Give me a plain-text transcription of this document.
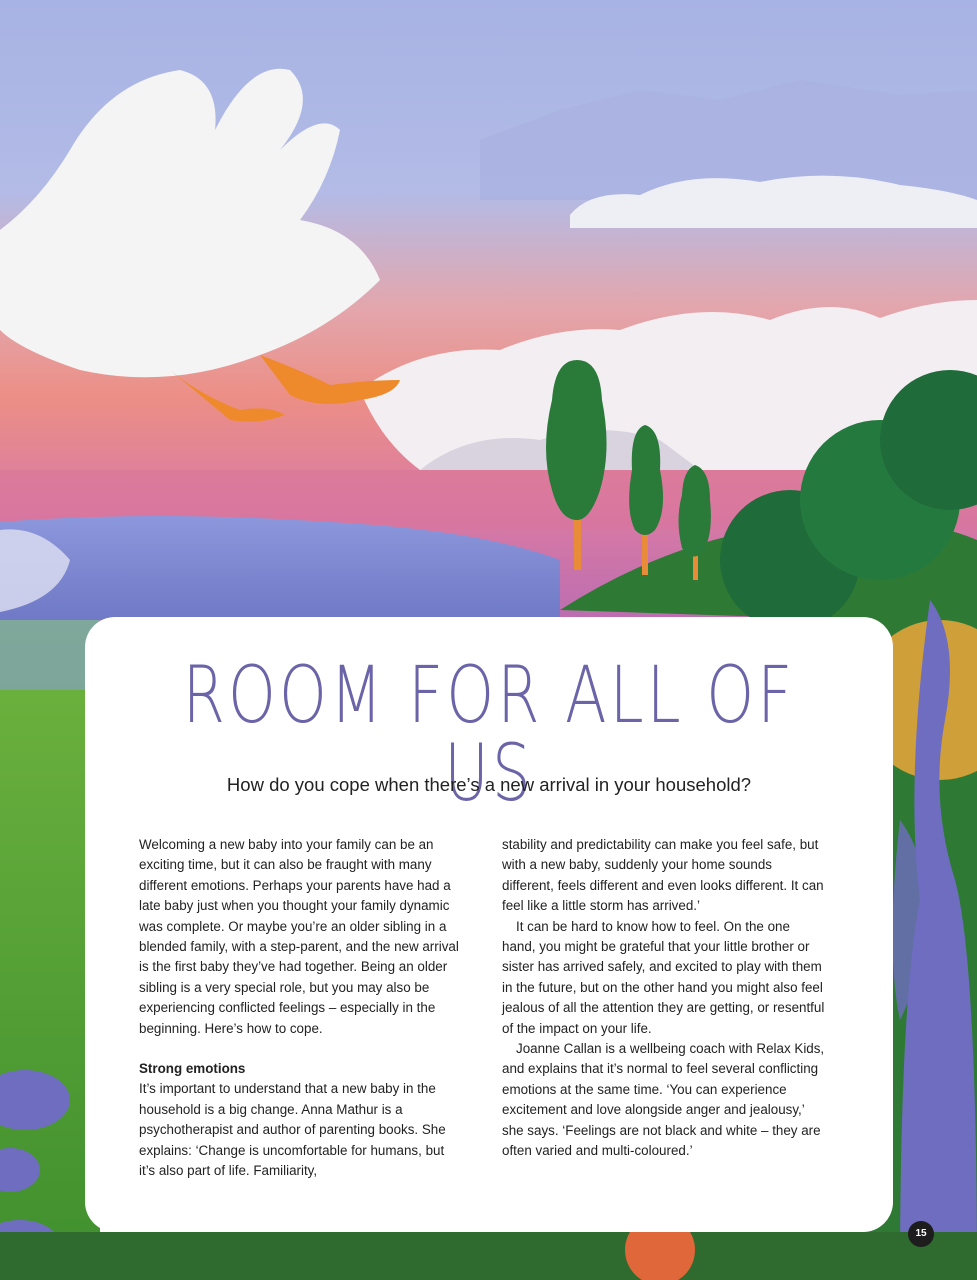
ROOM FOR ALL OF US
How do you cope when there’s a new arrival in your household?

Welcoming a new baby into your family can be an exciting time, but it can also be fraught with many different emotions. Perhaps your parents have had a late baby just when you thought your family dynamic was complete. Or maybe you’re an older sibling in a blended family, with a step-parent, and the new arrival is the first baby they’ve had together. Being an older sibling is a very special role, but you may also be experiencing conflicted feelings – especially in the beginning. Here’s how to cope.

Strong emotions

It’s important to understand that a new baby in the household is a big change. Anna Mathur is a psychotherapist and author of parenting books. She explains: ‘Change is uncomfortable for humans, but it’s also part of life. Familiarity,

stability and predictability can make you feel safe, but with a new baby, suddenly your home sounds different, feels different and even looks different. It can feel like a little storm has arrived.’

It can be hard to know how to feel. On the one hand, you might be grateful that your little brother or sister has arrived safely, and excited to play with them in the future, but on the other hand you might also feel jealous of all the attention they are getting, or resentful of the impact on your life.

Joanne Callan is a wellbeing coach with Relax Kids, and explains that it’s normal to feel several conflicting emotions at the same time. ‘You can experience excitement and love alongside anger and jealousy,’ she says. ‘Feelings are not black and white – they are often varied and multi-coloured.’

15
